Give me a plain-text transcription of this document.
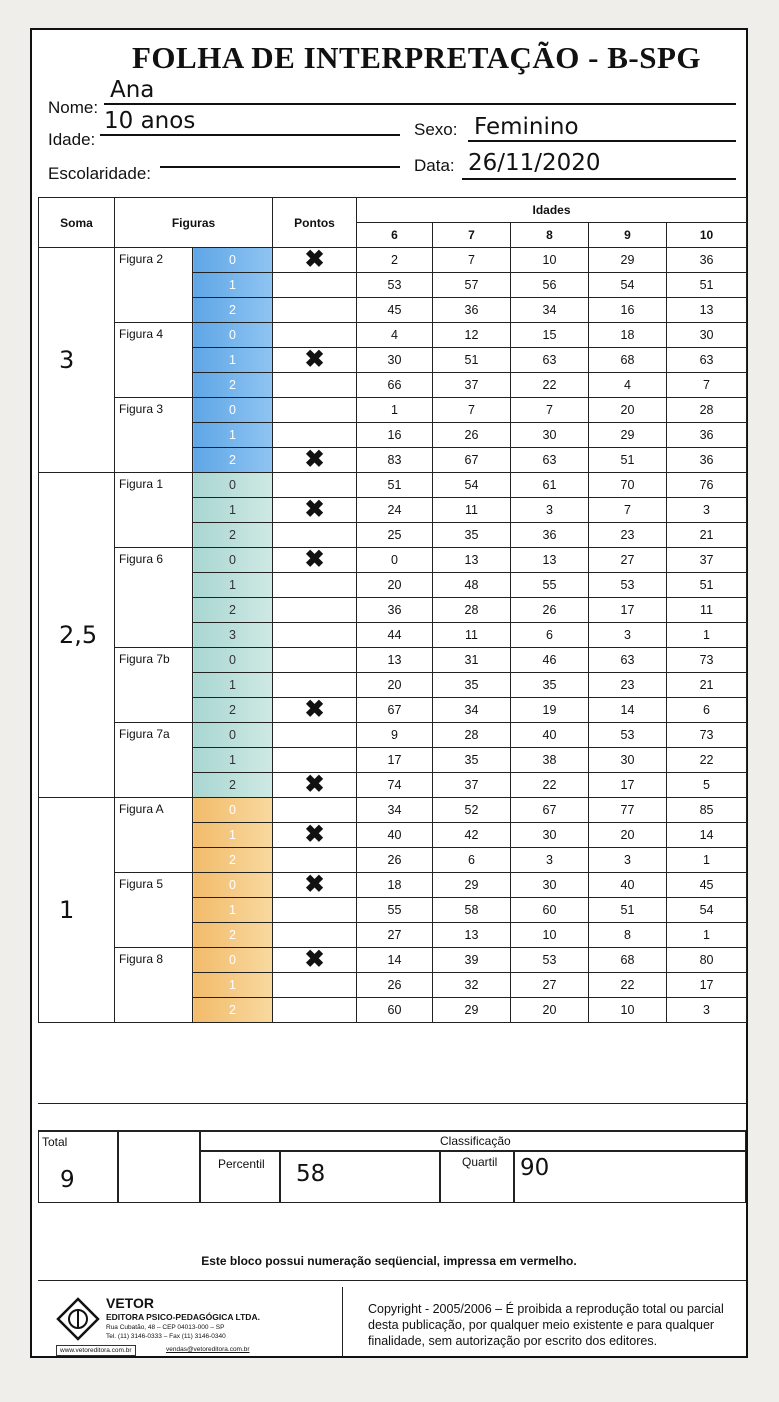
FOLHA DE INTERPRETAÇÃO - B-SPG
Nome:
Ana
Idade:
10 anos	Sexo: Feminino
Escolaridade:	Data: 26/11/2020
Soma	Figuras		Pontos	Idades				
				6	7	8	9	10
3	Figura 2	0	✖	2	7	10	29	36
		1		53	57	56	54	51
		2		45	36	34	16	13
	Figura 4	0		4	12	15	18	30
		1	✖	30	51	63	68	63
		2		66	37	22	4	7
	Figura 3	0		1	7	7	20	28
		1		16	26	30	29	36
		2	✖	83	67	63	51	36
2,5	Figura 1	0		51	54	61	70	76
		1	✖	24	11	3	7	3
		2		25	35	36	23	21
	Figura 6	0	✖	0	13	13	27	37
		1		20	48	55	53	51
		2		36	28	26	17	11
		3		44	11	6	3	1
	Figura 7b	0		13	31	46	63	73
		1		20	35	35	23	21
		2	✖	67	34	19	14	6
	Figura 7a	0		9	28	40	53	73
		1		17	35	38	30	22
		2	✖	74	37	22	17	5
1	Figura A	0		34	52	67	77	85
		1	✖	40	42	30	20	14
		2		26	6	3	3	1
	Figura 5	0	✖	18	29	30	40	45
		1		55	58	60	51	54
		2		27	13	10	8	1
	Figura 8	0	✖	14	39	53	68	80
		1		26	32	27	22	17
		2		60	29	20	10	3
Total
9
Classificação
Percentil 58	Quartil 90
Este bloco possui numeração seqüencial, impressa em vermelho.
VETOR
EDITORA PSICO-PEDAGÓGICA LTDA.
Rua Cubatão, 48 – CEP 04013-000 – SP
Tel. (11) 3146-0333 – Fax (11) 3146-0340
www.vetoreditora.com.br	vendas@vetoreditora.com.br
Copyright - 2005/2006 – É proibida a reprodução total ou parcial desta publicação, por qualquer meio existente e para qualquer finalidade, sem autorização por escrito dos editores.
